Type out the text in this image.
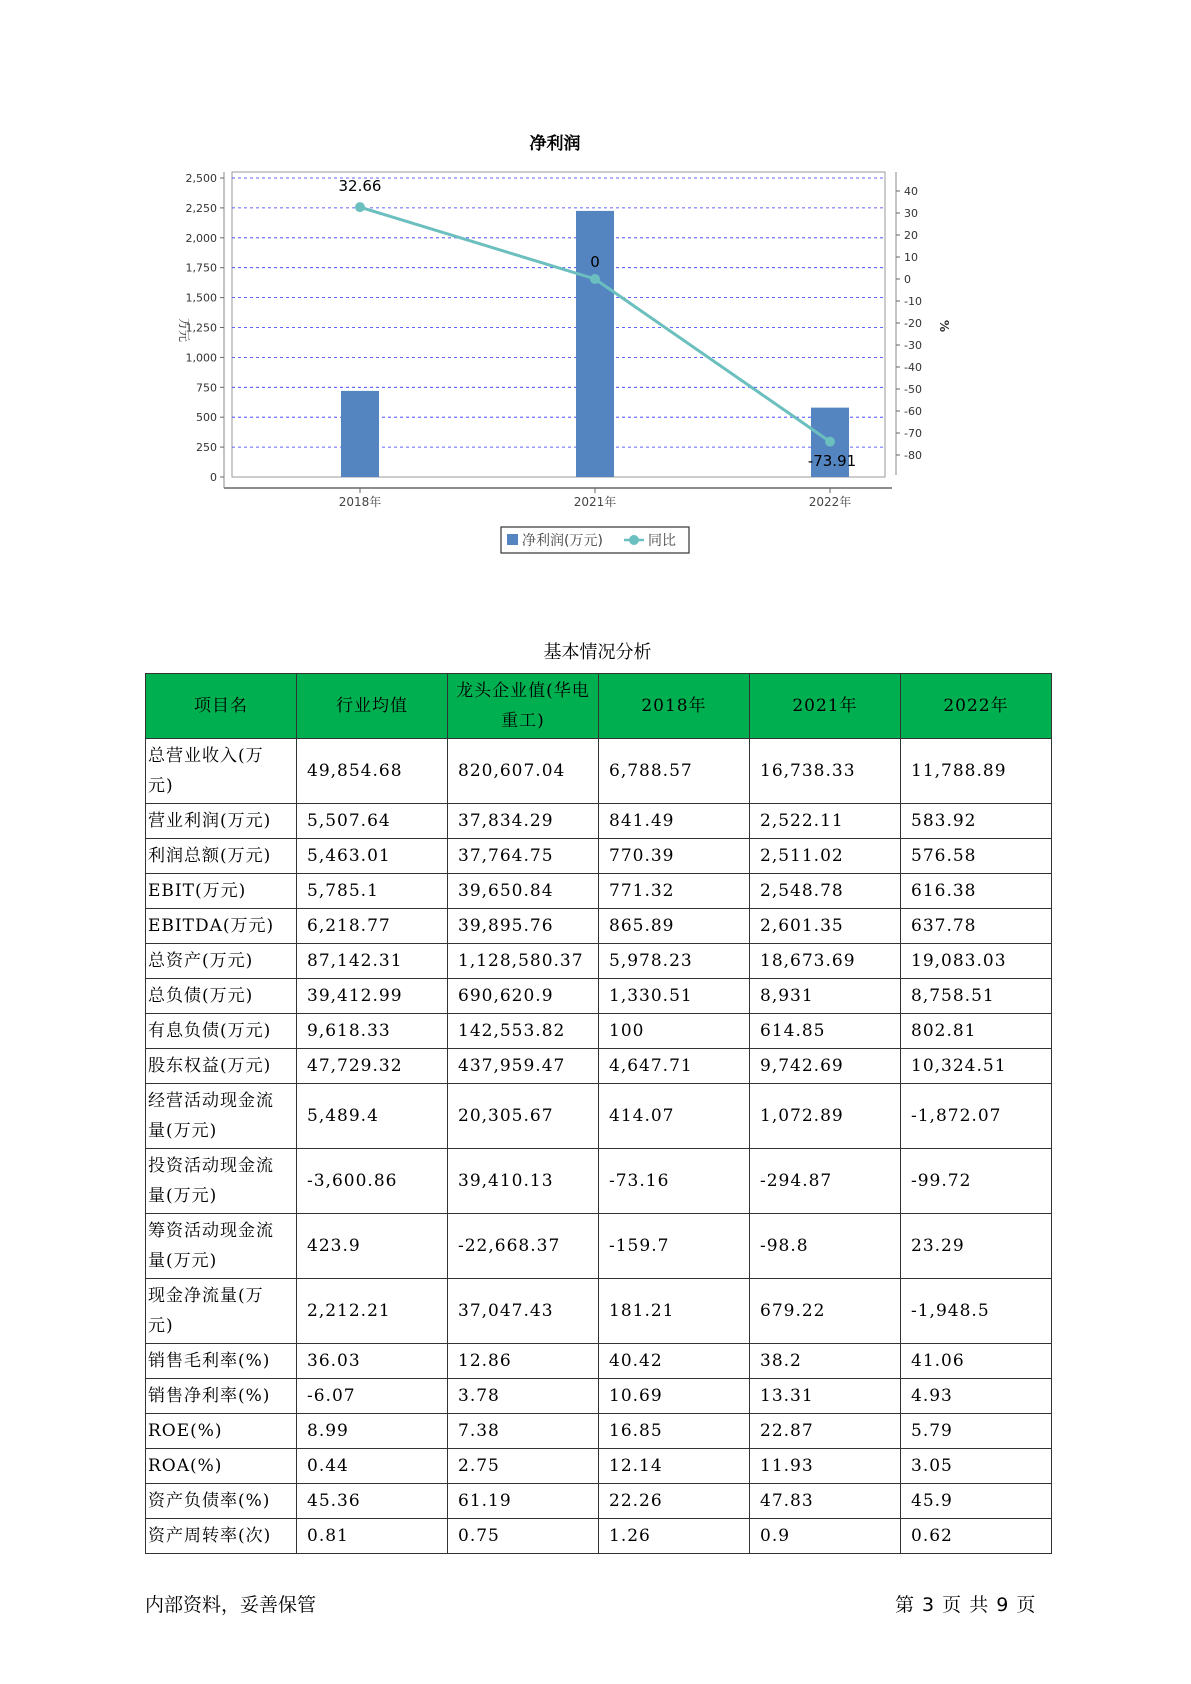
净利润
0
250
500
750
1,000
1,250
1,500
1,750
2,000
2,250
2,500
40
30
20
10
0
-10
-20
-30
-40
-50
-60
-70
-80
万元	%
2018年	2021年	2022年
32.66
0
-73.91
净利润(万元)	同比
基本情况分析
项目名	行业均值	龙头企业值(华电重工)	2018年	2021年	2022年
总营业收入(万元)	49,854.68	820,607.04	6,788.57	16,738.33	11,788.89
营业利润(万元)	5,507.64	37,834.29	841.49	2,522.11	583.92
利润总额(万元)	5,463.01	37,764.75	770.39	2,511.02	576.58
EBIT(万元)	5,785.1	39,650.84	771.32	2,548.78	616.38
EBITDA(万元)	6,218.77	39,895.76	865.89	2,601.35	637.78
总资产(万元)	87,142.31	1,128,580.37	5,978.23	18,673.69	19,083.03
总负债(万元)	39,412.99	690,620.9	1,330.51	8,931	8,758.51
有息负债(万元)	9,618.33	142,553.82	100	614.85	802.81
股东权益(万元)	47,729.32	437,959.47	4,647.71	9,742.69	10,324.51
经营活动现金流量(万元)	5,489.4	20,305.67	414.07	1,072.89	-1,872.07
投资活动现金流量(万元)	-3,600.86	39,410.13	-73.16	-294.87	-99.72
筹资活动现金流量(万元)	423.9	-22,668.37	-159.7	-98.8	23.29
现金净流量(万元)	2,212.21	37,047.43	181.21	679.22	-1,948.5
销售毛利率(%)	36.03	12.86	40.42	38.2	41.06
销售净利率(%)	-6.07	3.78	10.69	13.31	4.93
ROE(%)	8.99	7.38	16.85	22.87	5.79
ROA(%)	0.44	2.75	12.14	11.93	3.05
资产负债率(%)	45.36	61.19	22.26	47.83	45.9
资产周转率(次)	0.81	0.75	1.26	0.9	0.62
内部资料，妥善保管	第 3 页 共 9 页
